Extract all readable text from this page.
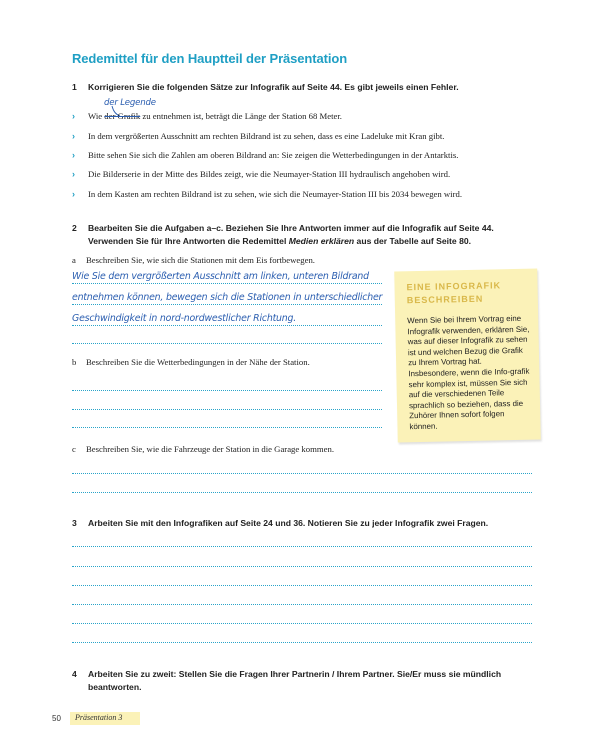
Redemittel für den Hauptteil der Präsentation
1 Korrigieren Sie die folgenden Sätze zur Infografik auf Seite 44. Es gibt jeweils einen Fehler.
der Legende
› Wie der Grafik zu entnehmen ist, beträgt die Länge der Station 68 Meter.
› In dem vergrößerten Ausschnitt am rechten Bildrand ist zu sehen, dass es eine Ladeluke mit Kran gibt.
› Bitte sehen Sie sich die Zahlen am oberen Bildrand an: Sie zeigen die Wetterbedingungen in der Antarktis.
› Die Bilderserie in der Mitte des Bildes zeigt, wie die Neumayer-Station III hydraulisch angehoben wird.
› In dem Kasten am rechten Bildrand ist zu sehen, wie sich die Neumayer-Station III bis 2034 bewegen wird.
2 Bearbeiten Sie die Aufgaben a–c. Beziehen Sie Ihre Antworten immer auf die Infografik auf Seite 44.
Verwenden Sie für Ihre Antworten die Redemittel Medien erklären aus der Tabelle auf Seite 80.
a Beschreiben Sie, wie sich die Stationen mit dem Eis fortbewegen.
Wie Sie dem vergrößerten Ausschnitt am linken, unteren Bildrand
entnehmen können, bewegen sich die Stationen in unterschiedlicher
Geschwindigkeit in nord-nordwestlicher Richtung.
b Beschreiben Sie die Wetterbedingungen in der Nähe der Station.
c Beschreiben Sie, wie die Fahrzeuge der Station in die Garage kommen.
EINE INFOGRAFIK
BESCHREIBEN
Wenn Sie bei Ihrem Vortrag eine Infografik verwenden, erklären Sie, was auf dieser Infografik zu sehen ist und welchen Bezug die Grafik zu Ihrem Vortrag hat. Insbesondere, wenn die Info-grafik sehr komplex ist, müssen Sie sich auf die verschiedenen Teile sprachlich so beziehen, dass die Zuhörer Ihnen sofort folgen können.
3 Arbeiten Sie mit den Infografiken auf Seite 24 und 36. Notieren Sie zu jeder Infografik zwei Fragen.
4 Arbeiten Sie zu zweit: Stellen Sie die Fragen Ihrer Partnerin / Ihrem Partner. Sie/Er muss sie mündlich
beantworten.
50 Präsentation 3
